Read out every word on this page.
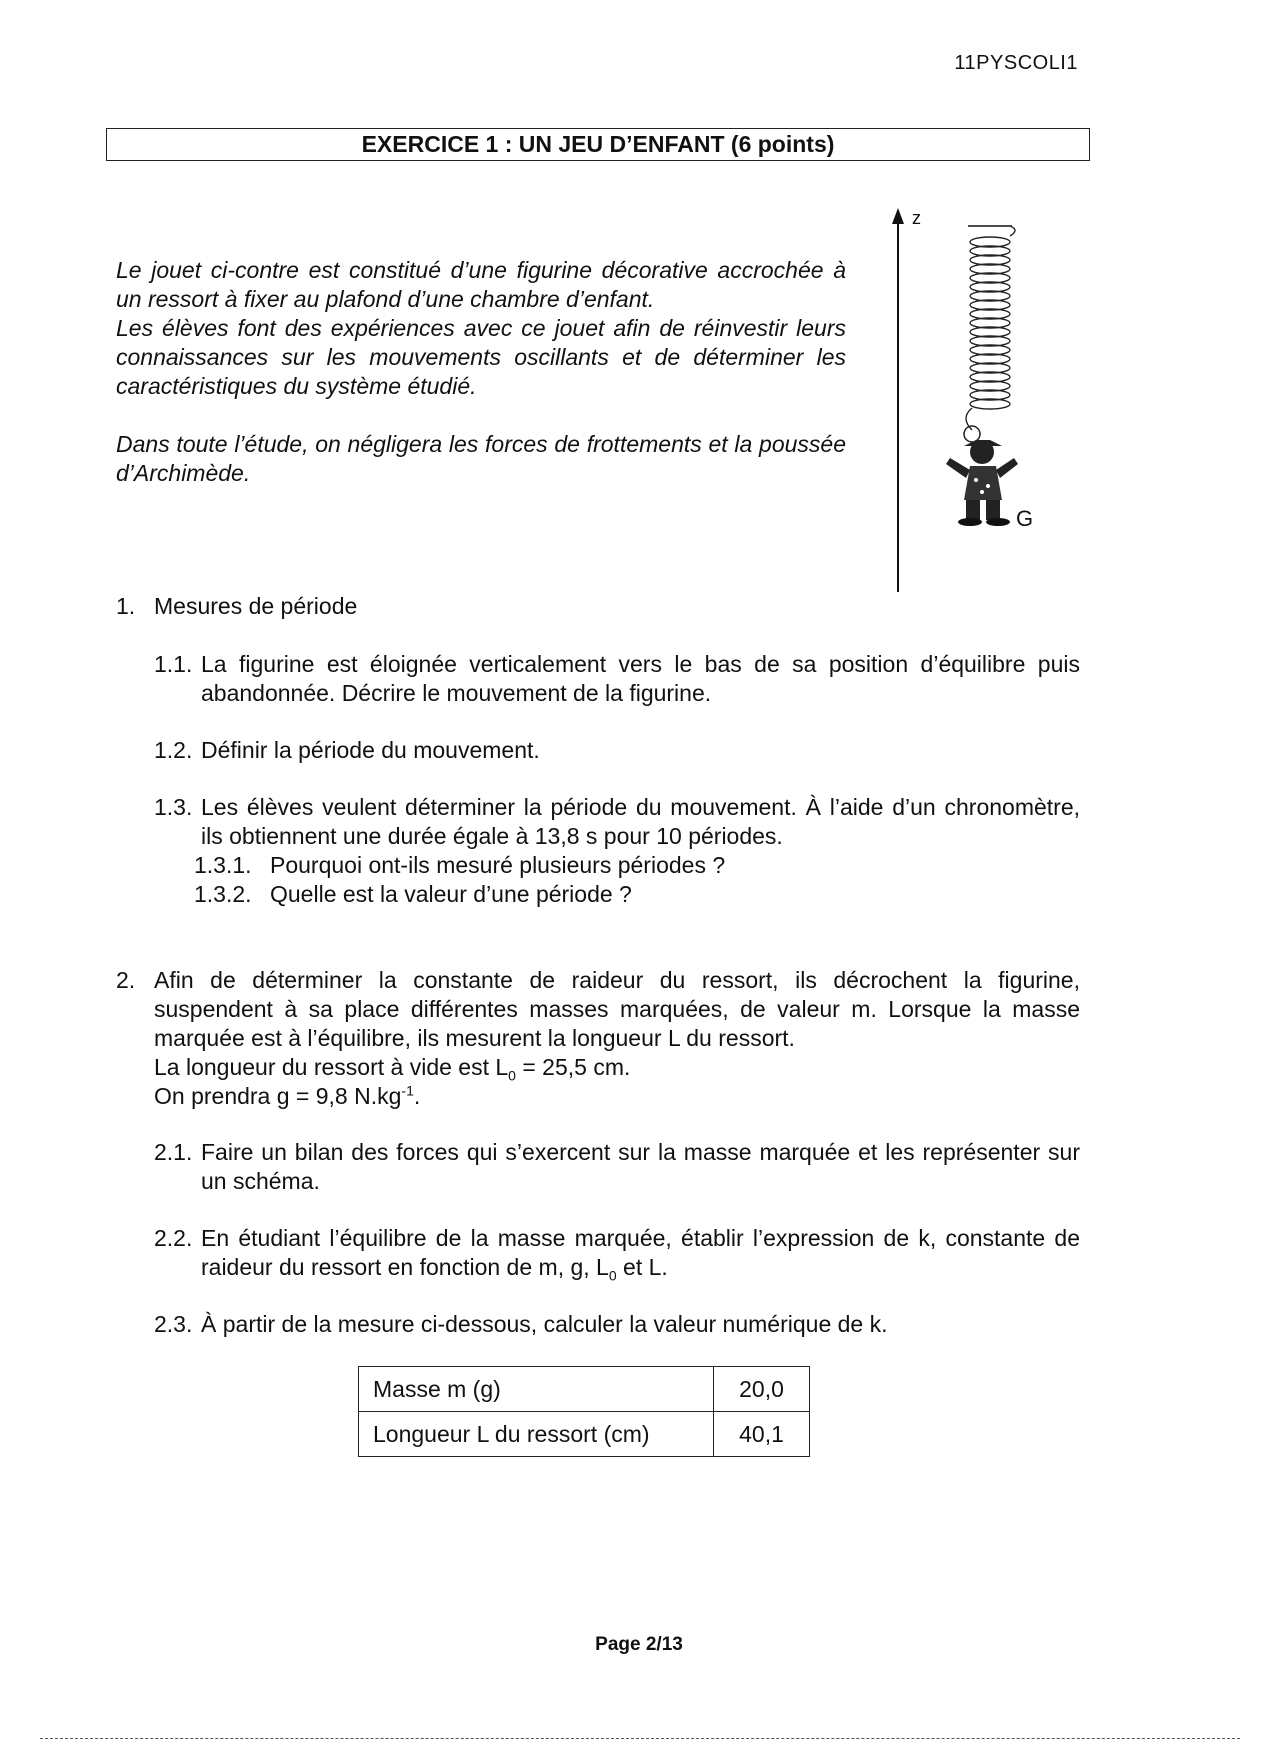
11PYSCOLI1
EXERCICE 1 : UN JEU D’ENFANT (6 points)

Le jouet ci-contre est constitué d’une figurine décorative accrochée à un ressort à fixer au plafond d’une chambre d’enfant.

Les élèves font des expériences avec ce jouet afin de réinvestir leurs connaissances sur les mouvements oscillants et de déterminer les caractéristiques du système étudié.

Dans toute l’étude, on négligera les forces de frottements et la poussée d’Archimède.

z
G
1. Mesures de période
1.1. La figurine est éloignée verticalement vers le bas de sa position d’équilibre puis abandonnée. Décrire le mouvement de la figurine.
1.2. Définir la période du mouvement.
1.3. Les élèves veulent déterminer la période du mouvement. À l’aide d’un chronomètre, ils obtiennent une durée égale à 13,8 s pour 10 périodes.
1.3.1. Pourquoi ont-ils mesuré plusieurs périodes ?
1.3.2. Quelle est la valeur d’une période ?
2. Afin de déterminer la constante de raideur du ressort, ils décrochent la figurine, suspendent à sa place différentes masses marquées, de valeur m. Lorsque la masse marquée est à l’équilibre, ils mesurent la longueur L du ressort.
La longueur du ressort à vide est $L_0 = 25,5$ cm.
On prendra g = 9,8 $N.kg^{-1}$.
2.1. Faire un bilan des forces qui s’exercent sur la masse marquée et les représenter sur un schéma.
2.2. En étudiant l’équilibre de la masse marquée, établir l’expression de k, constante de raideur du ressort en fonction de m, g, $L_0$ et L.
2.3. À partir de la mesure ci-dessous, calculer la valeur numérique de k.
Masse m (g)	20,0
Longueur L du ressort (cm)	40,1
Page 2/13
